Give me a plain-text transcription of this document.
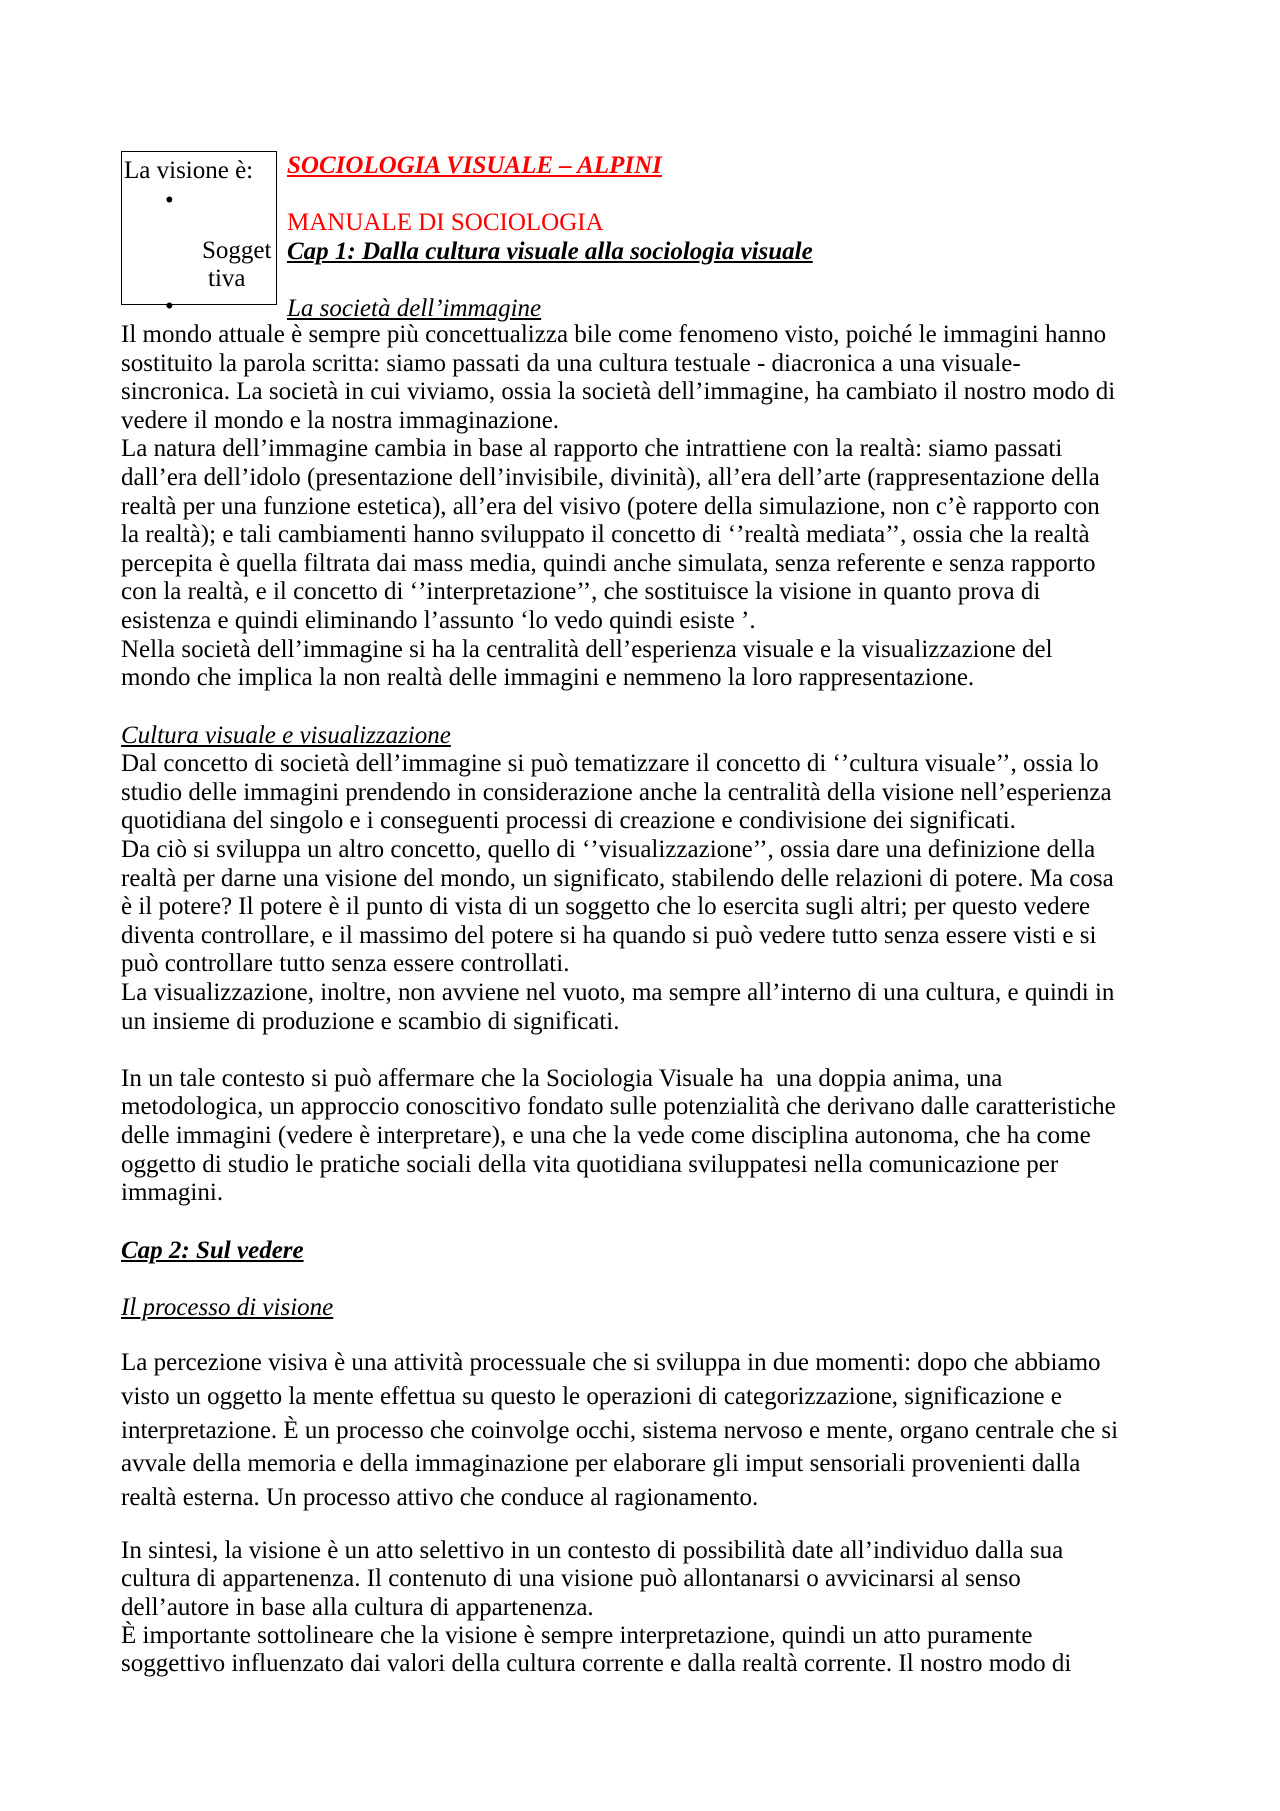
La visione è:
•
Sogget
tiva
•
SOCIOLOGIA VISUALE – ALPINI
MANUALE DI SOCIOLOGIA
Cap 1: Dalla cultura visuale alla sociologia visuale
La società dell’immagine
Il mondo attuale è sempre più concettualizza bile come fenomeno visto, poiché le immagini hanno
sostituito la parola scritta: siamo passati da una cultura testuale - diacronica a una visuale-
sincronica. La società in cui viviamo, ossia la società dell’immagine, ha cambiato il nostro modo di
vedere il mondo e la nostra immaginazione.
La natura dell’immagine cambia in base al rapporto che intrattiene con la realtà: siamo passati
dall’era dell’idolo (presentazione dell’invisibile, divinità), all’era dell’arte (rappresentazione della
realtà per una funzione estetica), all’era del visivo (potere della simulazione, non c’è rapporto con
la realtà); e tali cambiamenti hanno sviluppato il concetto di ‘’realtà mediata’’, ossia che la realtà
percepita è quella filtrata dai mass media, quindi anche simulata, senza referente e senza rapporto
con la realtà, e il concetto di ‘’interpretazione’’, che sostituisce la visione in quanto prova di
esistenza e quindi eliminando l’assunto ‘lo vedo quindi esiste ’.
Nella società dell’immagine si ha la centralità dell’esperienza visuale e la visualizzazione del
mondo che implica la non realtà delle immagini e nemmeno la loro rappresentazione.
Cultura visuale e visualizzazione
Dal concetto di società dell’immagine si può tematizzare il concetto di ‘’cultura visuale’’, ossia lo
studio delle immagini prendendo in considerazione anche la centralità della visione nell’esperienza
quotidiana del singolo e i conseguenti processi di creazione e condivisione dei significati.
Da ciò si sviluppa un altro concetto, quello di ‘’visualizzazione’’, ossia dare una definizione della
realtà per darne una visione del mondo, un significato, stabilendo delle relazioni di potere. Ma cosa
è il potere? Il potere è il punto di vista di un soggetto che lo esercita sugli altri; per questo vedere
diventa controllare, e il massimo del potere si ha quando si può vedere tutto senza essere visti e si
può controllare tutto senza essere controllati.
La visualizzazione, inoltre, non avviene nel vuoto, ma sempre all’interno di una cultura, e quindi in
un insieme di produzione e scambio di significati.
In un tale contesto si può affermare che la Sociologia Visuale ha  una doppia anima, una
metodologica, un approccio conoscitivo fondato sulle potenzialità che derivano dalle caratteristiche
delle immagini (vedere è interpretare), e una che la vede come disciplina autonoma, che ha come
oggetto di studio le pratiche sociali della vita quotidiana sviluppatesi nella comunicazione per
immagini.
Cap 2: Sul vedere
Il processo di visione
La percezione visiva è una attività processuale che si sviluppa in due momenti: dopo che abbiamo
visto un oggetto la mente effettua su questo le operazioni di categorizzazione, significazione e
interpretazione. È un processo che coinvolge occhi, sistema nervoso e mente, organo centrale che si
avvale della memoria e della immaginazione per elaborare gli imput sensoriali provenienti dalla
realtà esterna. Un processo attivo che conduce al ragionamento.
In sintesi, la visione è un atto selettivo in un contesto di possibilità date all’individuo dalla sua
cultura di appartenenza. Il contenuto di una visione può allontanarsi o avvicinarsi al senso
dell’autore in base alla cultura di appartenenza.
È importante sottolineare che la visione è sempre interpretazione, quindi un atto puramente
soggettivo influenzato dai valori della cultura corrente e dalla realtà corrente. Il nostro modo di
